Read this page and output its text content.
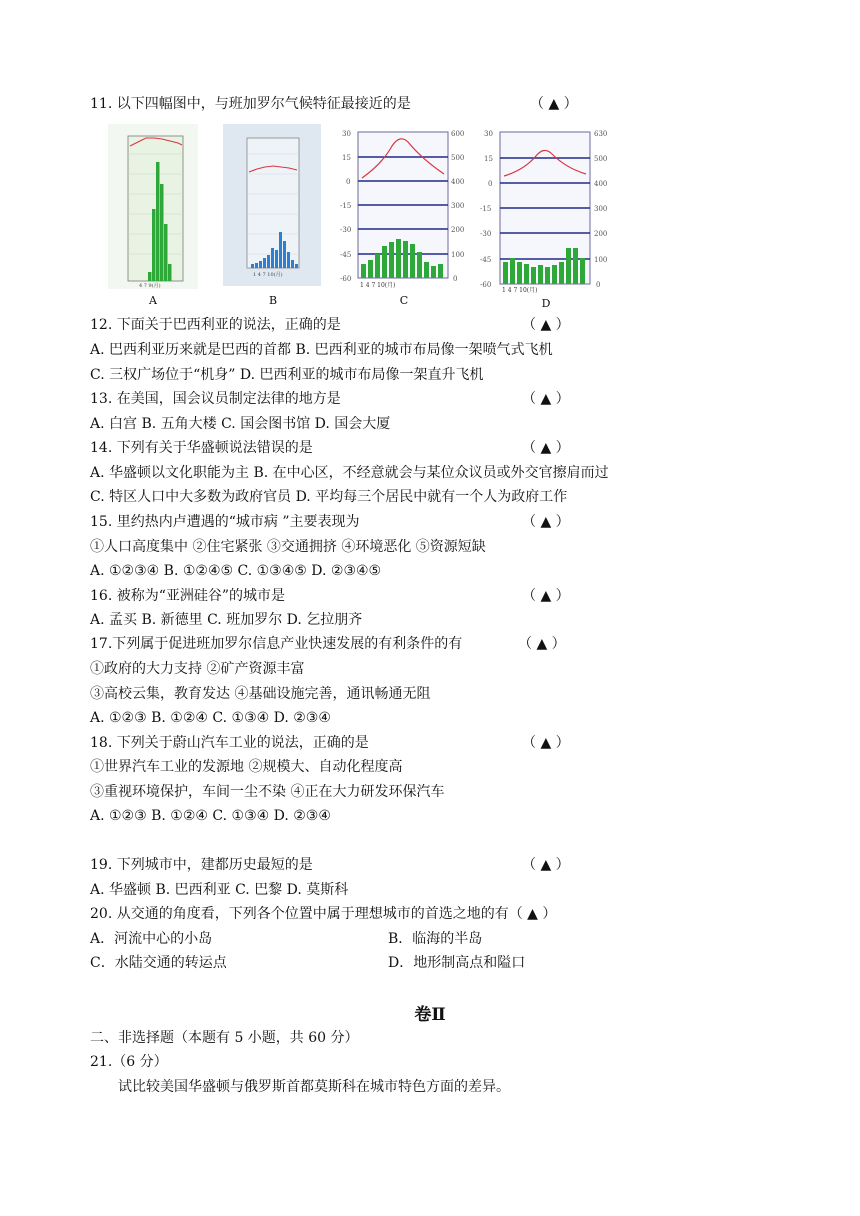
11. 以下四幅图中，与班加罗尔气候特征最接近的是	（ ▲ ）
4 7 9(月)
A
1 4 7 10(月)
B
30
15
0
-15
-30
-45
-60
600
500
400
300
200
100
0
1 4 7 10(月)
C
30
15
0
-15
-30
-45
-60
630
500
400
300
200
100
0
1 4 7 10(月)
D
12. 下面关于巴西利亚的说法，正确的是	（ ▲ ）
A. 巴西利亚历来就是巴西的首都 B. 巴西利亚的城市布局像一架喷气式飞机
C. 三权广场位于“机身” D. 巴西利亚的城市布局像一架直升飞机
13. 在美国，国会议员制定法律的地方是	（ ▲ ）
A. 白宫 B. 五角大楼 C. 国会图书馆 D. 国会大厦
14. 下列有关于华盛顿说法错误的是	（ ▲ ）
A. 华盛顿以文化职能为主 B. 在中心区，不经意就会与某位众议员或外交官擦肩而过
C. 特区人口中大多数为政府官员 D. 平均每三个居民中就有一个人为政府工作
15. 里约热内卢遭遇的“城市病 ”主要表现为	（ ▲ ）
①人口高度集中 ②住宅紧张 ③交通拥挤 ④环境恶化 ⑤资源短缺
A. ①②③④ B. ①②④⑤ C. ①③④⑤ D. ②③④⑤
16. 被称为“亚洲硅谷”的城市是	（ ▲ ）
A. 孟买 B. 新德里 C. 班加罗尔 D. 乞拉朋齐
17.下列属于促进班加罗尔信息产业快速发展的有利条件的有	（ ▲ ）
①政府的大力支持 ②矿产资源丰富
③高校云集，教育发达 ④基础设施完善，通讯畅通无阻
A. ①②③ B. ①②④ C. ①③④ D. ②③④
18. 下列关于蔚山汽车工业的说法，正确的是	（ ▲ ）
①世界汽车工业的发源地 ②规模大、自动化程度高
③重视环境保护，车间一尘不染 ④正在大力研发环保汽车
A. ①②③ B. ①②④ C. ①③④ D. ②③④
19. 下列城市中，建都历史最短的是	（ ▲ ）
A. 华盛顿 B. 巴西利亚 C. 巴黎 D. 莫斯科
20. 从交通的角度看，下列各个位置中属于理想城市的首选之地的有（ ▲ ）
A．河流中心的小岛	B．临海的半岛
C．水陆交通的转运点	D．地形制高点和隘口
卷Ⅱ
二、非选择题（本题有 5 小题，共 60 分）
21.（6 分）
试比较美国华盛顿与俄罗斯首都莫斯科在城市特色方面的差异。
